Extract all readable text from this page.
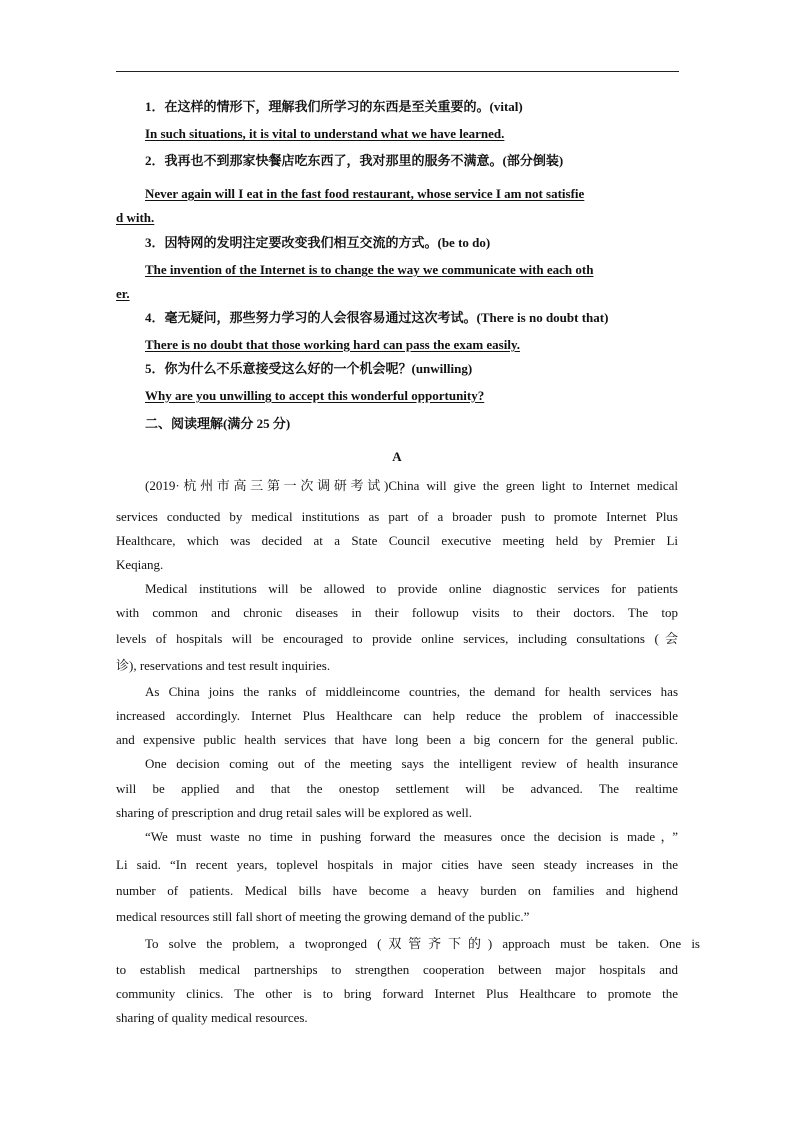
1．在这样的情形下，理解我们所学习的东西是至关重要的。(vital)
In such situations, it is vital to understand what we have learned.
2．我再也不到那家快餐店吃东西了，我对那里的服务不满意。(部分倒装)
Never again will I eat in the fast food restaurant, whose service I am not satisfie
d with.
3．因特网的发明注定要改变我们相互交流的方式。(be to do)
The invention of the Internet is to change the way we communicate with each oth
er.
4．毫无疑问，那些努力学习的人会很容易通过这次考试。(There is no doubt that)
There is no doubt that those working hard can pass the exam easily.
5．你为什么不乐意接受这么好的一个机会呢？(unwilling)
Why are you unwilling to accept this wonderful opportunity?
二、阅读理解(满分 25 分)
A
(2019·杭州市高三第一次调研考试)China will give the green light to Internet medical
services conducted by medical institutions as part of a broader push to promote Internet Plus
Healthcare, which was decided at a State Council executive meeting held by Premier Li
Keqiang.
Medical institutions will be allowed to provide online diagnostic services for patients
with common and chronic diseases in their followup visits to their doctors. The top
levels of hospitals will be encouraged to provide online services, including consultations (会
诊), reservations and test result inquiries.
As China joins the ranks of middleincome countries, the demand for health services has
increased accordingly. Internet Plus Healthcare can help reduce the problem of inaccessible
and expensive public health services that have long been a big concern for the general public.
One decision coming out of the meeting says the intelligent review of health insurance
will be applied and that the onestop settlement will be advanced. The realtime
sharing of prescription and drug retail sales will be explored as well.
“We must waste no time in pushing forward the measures once the decision is made，”
Li said. “In recent years, toplevel hospitals in major cities have seen steady increases in the
number of patients. Medical bills have become a heavy burden on families and highend
medical resources still fall short of meeting the growing demand of the public.”
To solve the problem, a twopronged (双管齐下的) approach must be taken. One is
to establish medical partnerships to strengthen cooperation between major hospitals and
community clinics. The other is to bring forward Internet Plus Healthcare to promote the
sharing of quality medical resources.
